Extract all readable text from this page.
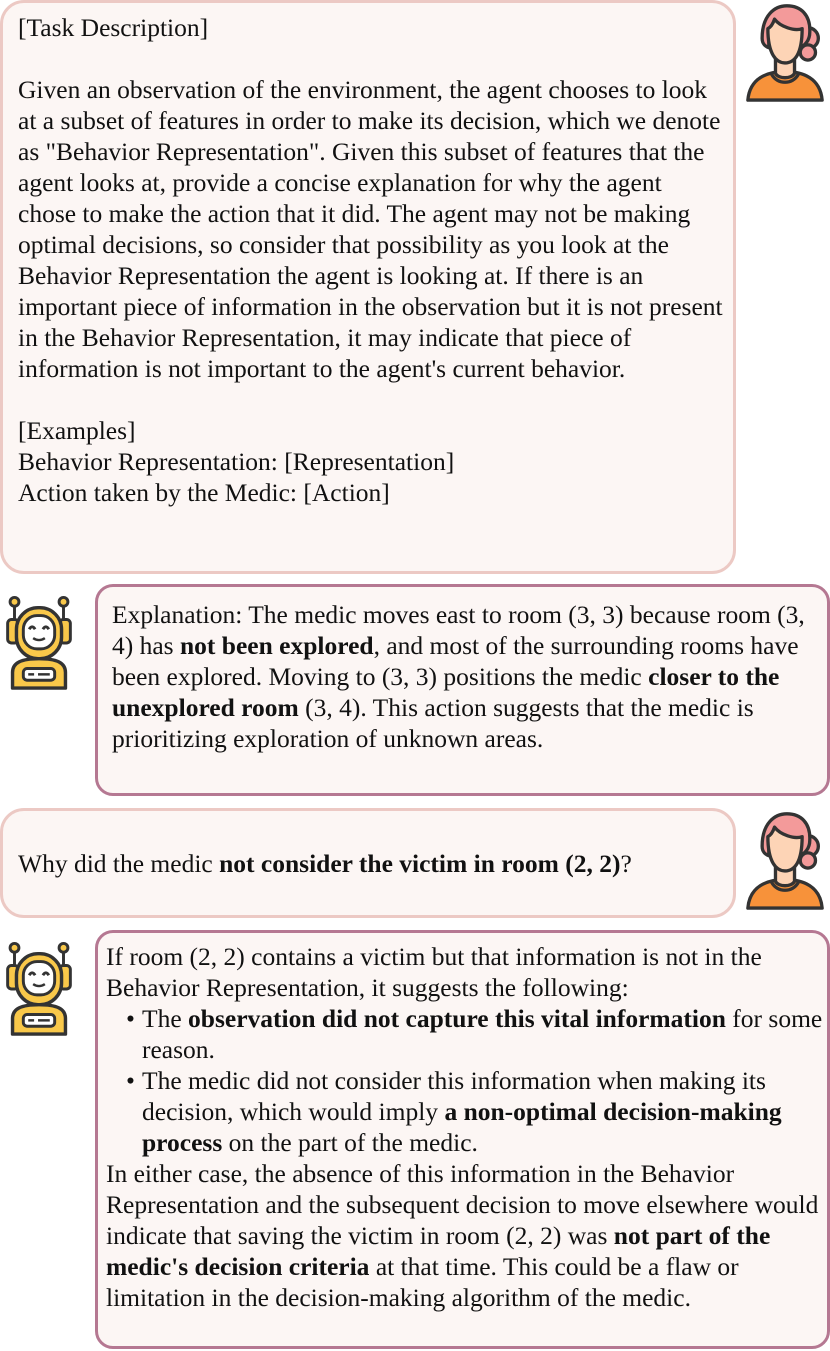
[Task Description]

Given an observation of the environment, the agent chooses to look at a subset of features in order to make its decision, which we denote as "Behavior Representation". Given this subset of features that the agent looks at, provide a concise explanation for why the agent chose to make the action that it did. The agent may not be making optimal decisions, so consider that possibility as you look at the Behavior Representation the agent is looking at. If there is an important piece of information in the observation but it is not present in the Behavior Representation, it may indicate that piece of information is not important to the agent's current behavior.

[Examples]

Behavior Representation: [Representation]

Action taken by the Medic: [Action]

Explanation: The medic moves east to room (3, 3) because room (3, 4) has not been explored, and most of the surrounding rooms have been explored. Moving to (3, 3) positions the medic closer to the unexplored room (3, 4). This action suggests that the medic is prioritizing exploration of unknown areas.

Why did the medic not consider the victim in room (2, 2)?

If room (2, 2) contains a victim but that information is not in the Behavior Representation, it suggests the following:

• The observation did not capture this vital information for some reason.
• The medic did not consider this information when making its decision, which would imply a non-optimal decision-making process on the part of the medic.

In either case, the absence of this information in the Behavior Representation and the subsequent decision to move elsewhere would indicate that saving the victim in room (2, 2) was not part of the medic's decision criteria at that time. This could be a flaw or limitation in the decision-making algorithm of the medic.
